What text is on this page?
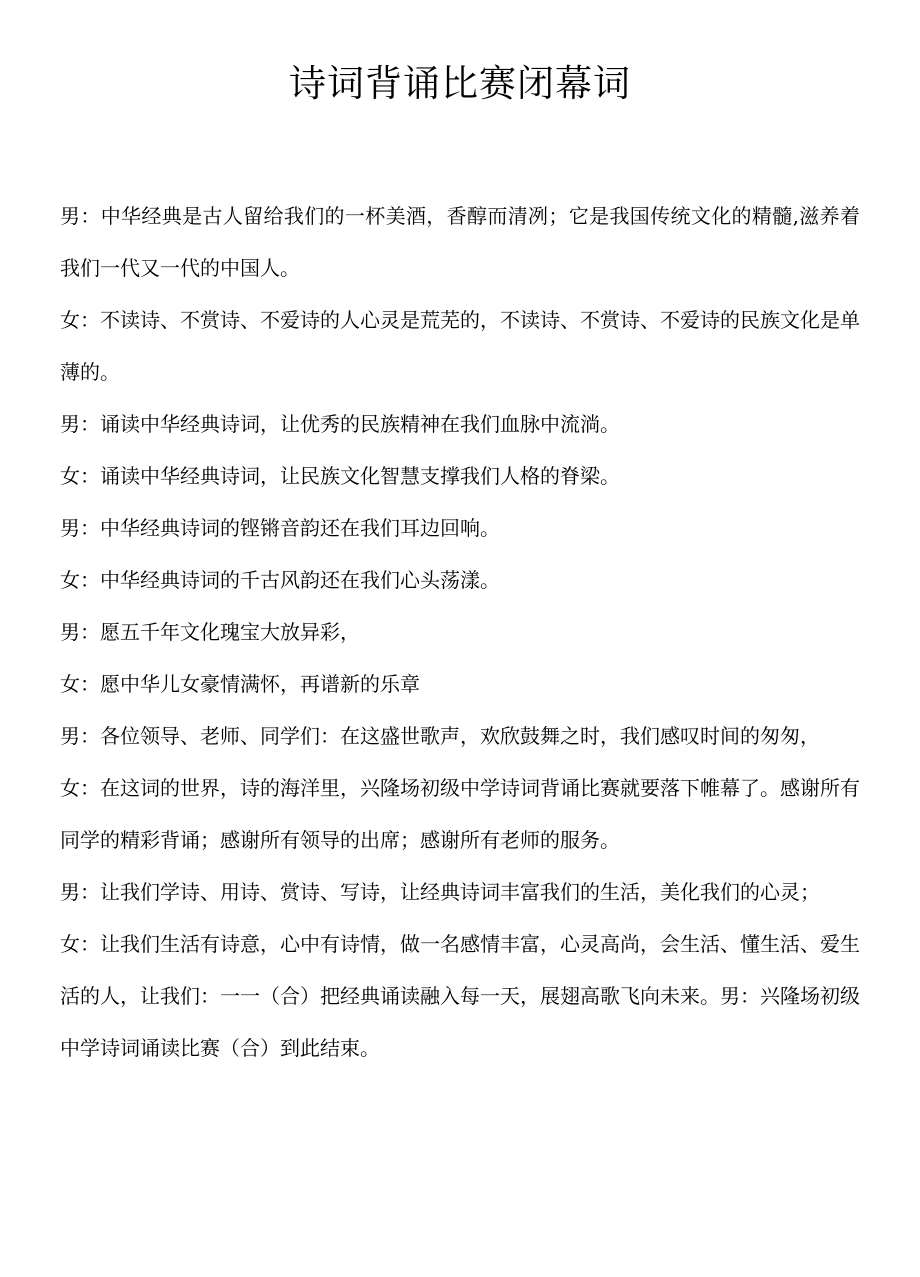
诗词背诵比赛闭幕词

男：中华经典是古人留给我们的一杯美酒，香醇而清冽；它是我国传统文化的精髓,滋养着我们一代又一代的中国人。

女：不读诗、不赏诗、不爱诗的人心灵是荒芜的，不读诗、不赏诗、不爱诗的民族文化是单薄的。

男：诵读中华经典诗词，让优秀的民族精神在我们血脉中流淌。

女：诵读中华经典诗词，让民族文化智慧支撑我们人格的脊梁。

男：中华经典诗词的铿锵音韵还在我们耳边回响。

女：中华经典诗词的千古风韵还在我们心头荡漾。

男：愿五千年文化瑰宝大放异彩，

女：愿中华儿女豪情满怀，再谱新的乐章

男：各位领导、老师、同学们：在这盛世歌声，欢欣鼓舞之时，我们感叹时间的匆匆，

女：在这词的世界，诗的海洋里，兴隆场初级中学诗词背诵比赛就要落下帷幕了。感谢所有同学的精彩背诵；感谢所有领导的出席；感谢所有老师的服务。

男：让我们学诗、用诗、赏诗、写诗，让经典诗词丰富我们的生活，美化我们的心灵；

女：让我们生活有诗意，心中有诗情，做一名感情丰富，心灵高尚，会生活、懂生活、爱生活的人，让我们：一一（合）把经典诵读融入每一天，展翅高歌飞向未来。男：兴隆场初级中学诗词诵读比赛（合）到此结束。
